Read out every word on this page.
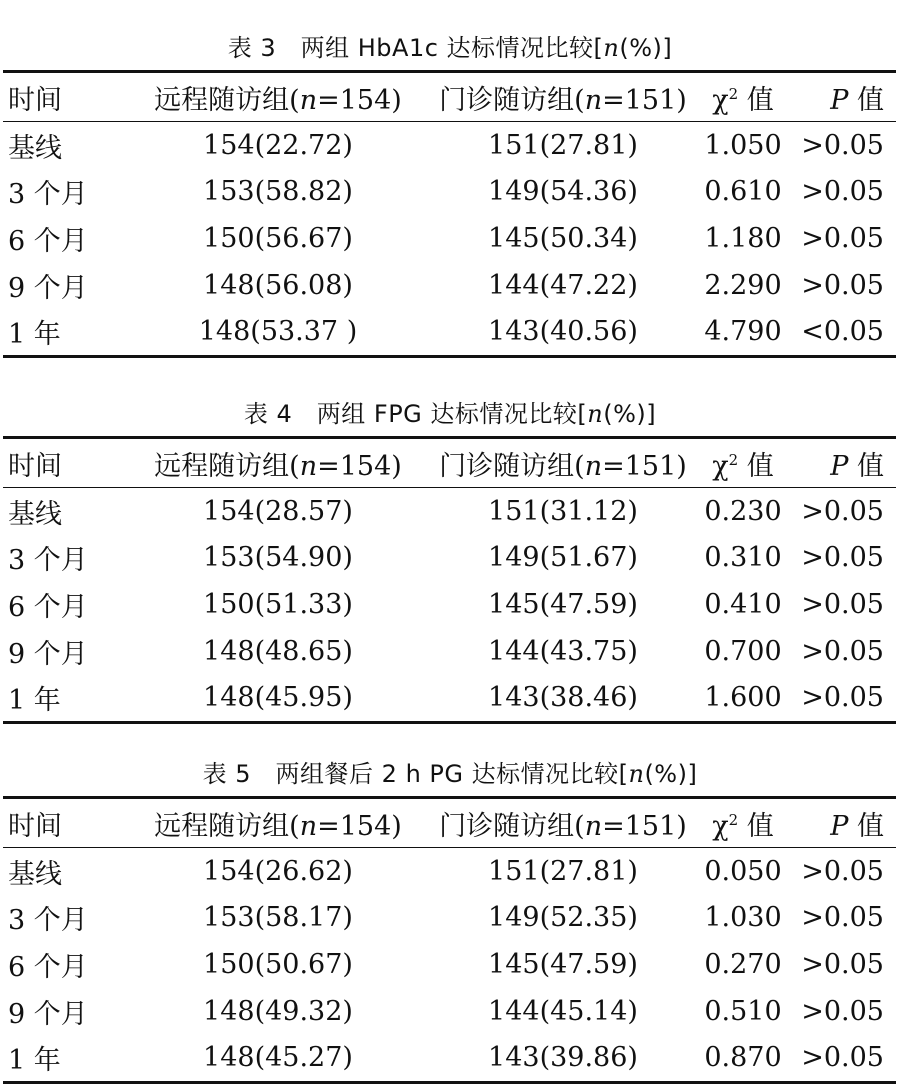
表 3　两组 HbA1c 达标情况比较[n(%)]
时间	远程随访组(n=154)	门诊随访组(n=151)	$\chi^2$ 值	P 值
基线	154(22.72)	151(27.81)	1.050	>0.05
3 个月	153(58.82)	149(54.36)	0.610	>0.05
6 个月	150(56.67)	145(50.34)	1.180	>0.05
9 个月	148(56.08)	144(47.22)	2.290	>0.05
1 年	148(53.37 )	143(40.56)	4.790	<0.05
表 4　两组 FPG 达标情况比较[n(%)]
时间	远程随访组(n=154)	门诊随访组(n=151)	$\chi^2$ 值	P 值
基线	154(28.57)	151(31.12)	0.230	>0.05
3 个月	153(54.90)	149(51.67)	0.310	>0.05
6 个月	150(51.33)	145(47.59)	0.410	>0.05
9 个月	148(48.65)	144(43.75)	0.700	>0.05
1 年	148(45.95)	143(38.46)	1.600	>0.05
表 5　两组餐后 2 h PG 达标情况比较[n(%)]
时间	远程随访组(n=154)	门诊随访组(n=151)	$\chi^2$ 值	P 值
基线	154(26.62)	151(27.81)	0.050	>0.05
3 个月	153(58.17)	149(52.35)	1.030	>0.05
6 个月	150(50.67)	145(47.59)	0.270	>0.05
9 个月	148(49.32)	144(45.14)	0.510	>0.05
1 年	148(45.27)	143(39.86)	0.870	>0.05
